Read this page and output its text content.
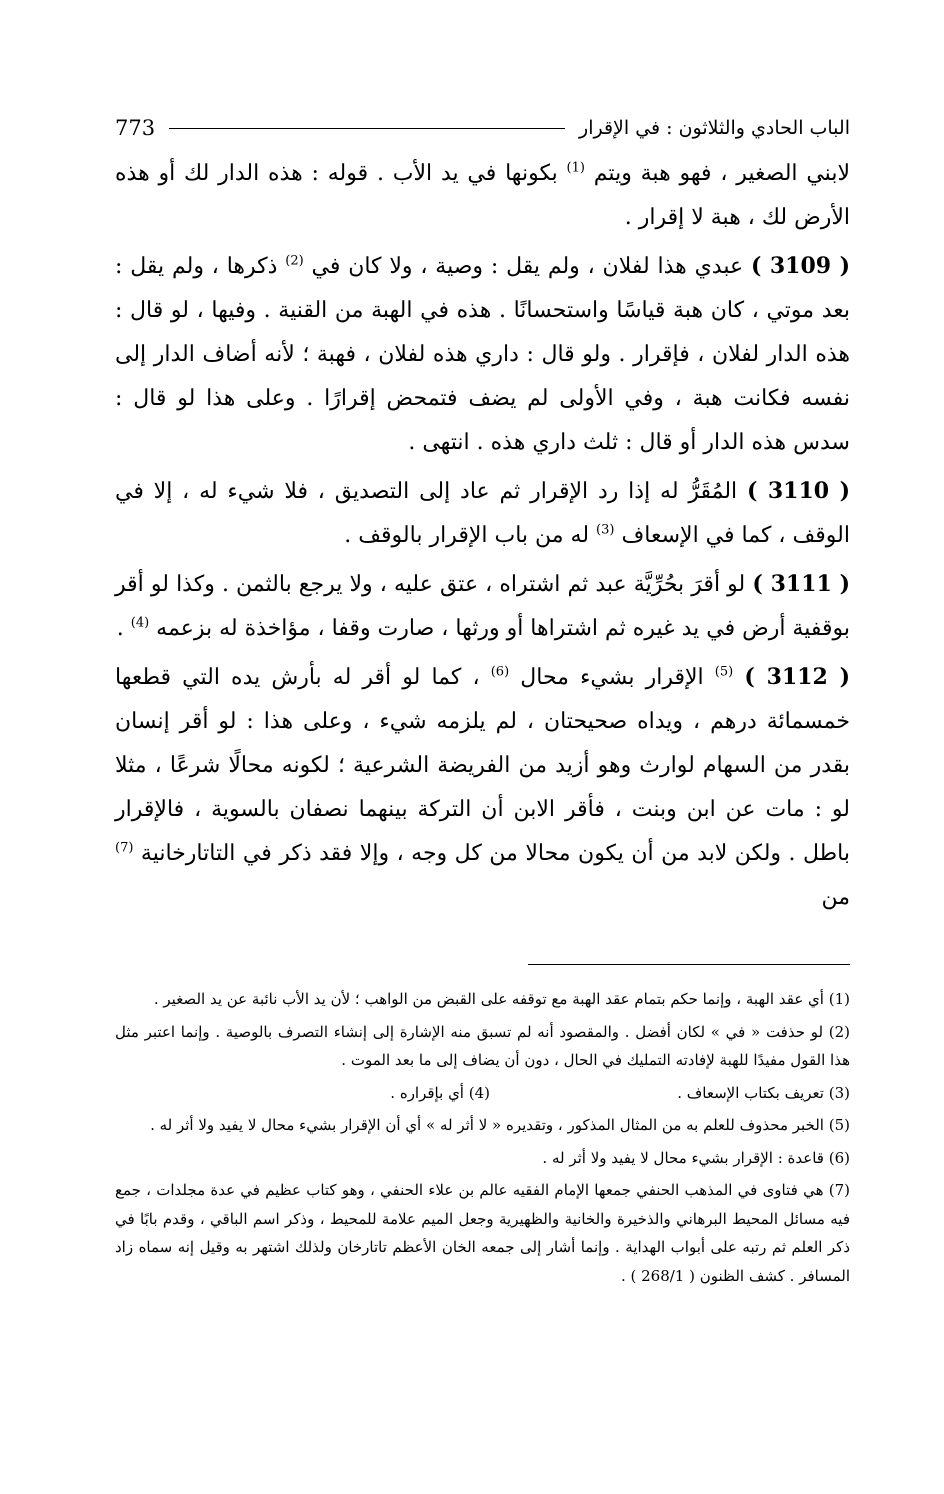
الباب الحادي والثلاثون : في الإقرار
773

لابني الصغير ، فهو هبة ويتم $^{(1)}$ بكونها في يد الأب . قوله : هذه الدار لك أو هذه الأرض لك ، هبة لا إقرار .

( 3109 ) عبدي هذا لفلان ، ولم يقل : وصية ، ولا كان في $^{(2)}$ ذكرها ، ولم يقل : بعد موتي ، كان هبة قياسًا واستحسانًا . هذه في الهبة من القنية . وفيها ، لو قال : هذه الدار لفلان ، فإقرار . ولو قال : داري هذه لفلان ، فهبة ؛ لأنه أضاف الدار إلى نفسه فكانت هبة ، وفي الأولى لم يضف فتمحض إقرارًا . وعلى هذا لو قال : سدس هذه الدار أو قال : ثلث داري هذه . انتهى .

( 3110 ) المُقَرُّ له إذا رد الإقرار ثم عاد إلى التصديق ، فلا شيء له ، إلا في الوقف ، كما في الإسعاف $^{(3)}$ له من باب الإقرار بالوقف .

( 3111 ) لو أقرَ بحُرِّيَّة عبد ثم اشتراه ، عتق عليه ، ولا يرجع بالثمن . وكذا لو أقر بوقفية أرض في يد غيره ثم اشتراها أو ورثها ، صارت وقفا ، مؤاخذة له بزعمه $^{(4)}$ .

( 3112 ) $^{(5)}$ الإقرار بشيء محال $^{(6)}$ ، كما لو أقر له بأرش يده التي قطعها خمسمائة درهم ، ويداه صحيحتان ، لم يلزمه شيء ، وعلى هذا : لو أقر إنسان بقدر من السهام لوارث وهو أزيد من الفريضة الشرعية ؛ لكونه محالًا شرعًا ، مثلا لو : مات عن ابن وبنت ، فأقر الابن أن التركة بينهما نصفان بالسوية ، فالإقرار باطل . ولكن لابد من أن يكون محالا من كل وجه ، وإلا فقد ذكر في التاتارخانية $^{(7)}$ من

(1) أي عقد الهبة ، وإنما حكم بتمام عقد الهبة مع توقفه على القبض من الواهب ؛ لأن يد الأب نائبة عن يد الصغير .

(2) لو حذفت « في » لكان أفضل . والمقصود أنه لم تسبق منه الإشارة إلى إنشاء التصرف بالوصية . وإنما اعتبر مثل هذا القول مفيدًا للهبة لإفادته التمليك في الحال ، دون أن يضاف إلى ما بعد الموت .

(3) تعريف بكتاب الإسعاف .
(4) أي بإقراره .

(5) الخبر محذوف للعلم به من المثال المذكور ، وتقديره « لا أثر له » أي أن الإقرار بشيء محال لا يفيد ولا أثر له .

(6) قاعدة : الإقرار بشيء محال لا يفيد ولا أثر له .

(7) هي فتاوى في المذهب الحنفي جمعها الإمام الفقيه عالم بن علاء الحنفي ، وهو كتاب عظيم في عدة مجلدات ، جمع فيه مسائل المحيط البرهاني والذخيرة والخانية والظهيرية وجعل الميم علامة للمحيط ، وذكر اسم الباقي ، وقدم بابًا في ذكر العلم ثم رتبه على أبواب الهداية . وإنما أشار إلى جمعه الخان الأعظم تاتارخان ولذلك اشتهر به وقيل إنه سماه زاد المسافر . كشف الظنون ( 268/1 ) .
